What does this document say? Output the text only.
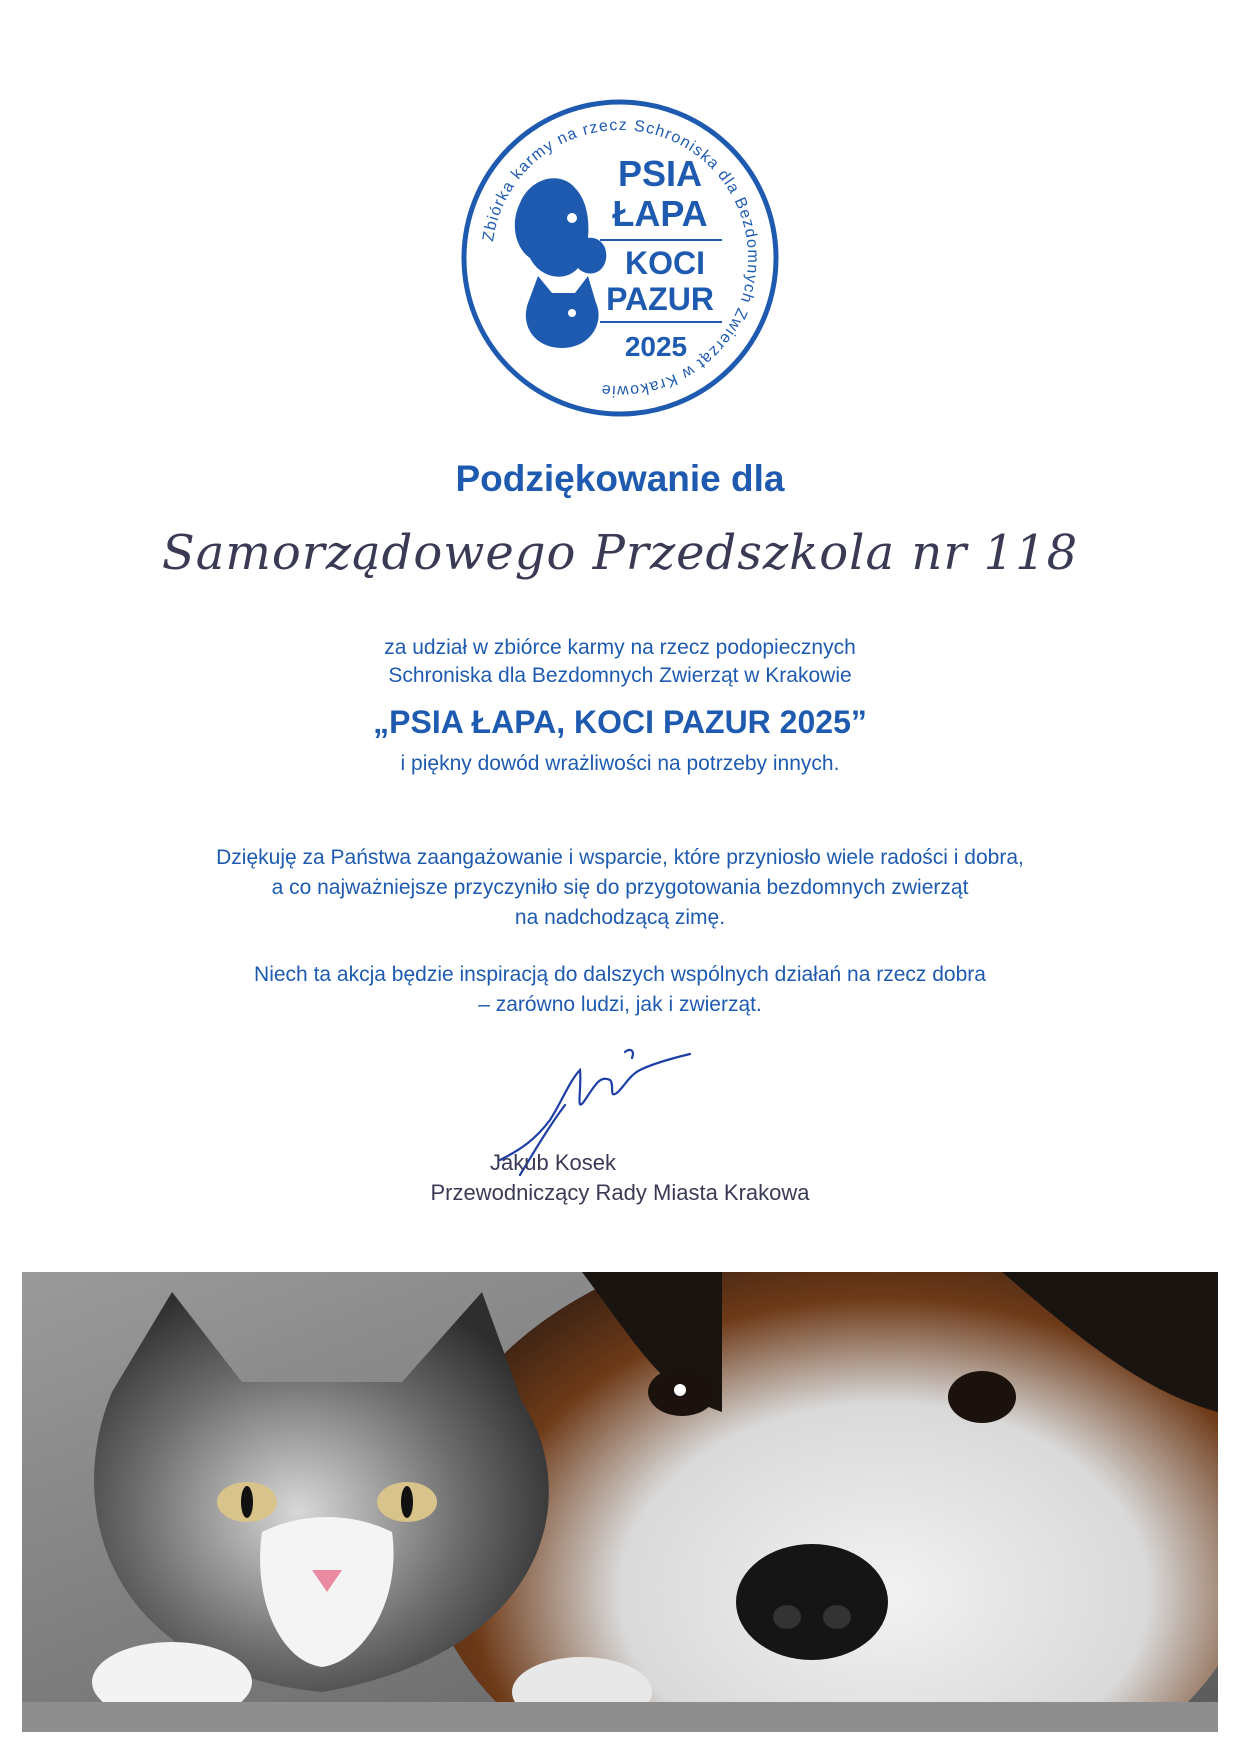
Zbiórka karmy na rzecz Schroniska dla Bezdomnych Zwierząt w Krakowie
PSIA
ŁAPA
KOCI
PAZUR
2025
Podziękowanie dla
Samorządowego Przedszkola nr 118
za udział w zbiórce karmy na rzecz podopiecznych
Schroniska dla Bezdomnych Zwierząt w Krakowie
„PSIA ŁAPA, KOCI PAZUR 2025”
i piękny dowód wrażliwości na potrzeby innych.
Dziękuję za Państwa zaangażowanie i wsparcie, które przyniosło wiele radości i dobra,
a co najważniejsze przyczyniło się do przygotowania bezdomnych zwierząt
na nadchodzącą zimę.
Niech ta akcja będzie inspiracją do dalszych wspólnych działań na rzecz dobra
– zarówno ludzi, jak i zwierząt.
Jakub Kosek
Przewodniczący Rady Miasta Krakowa
